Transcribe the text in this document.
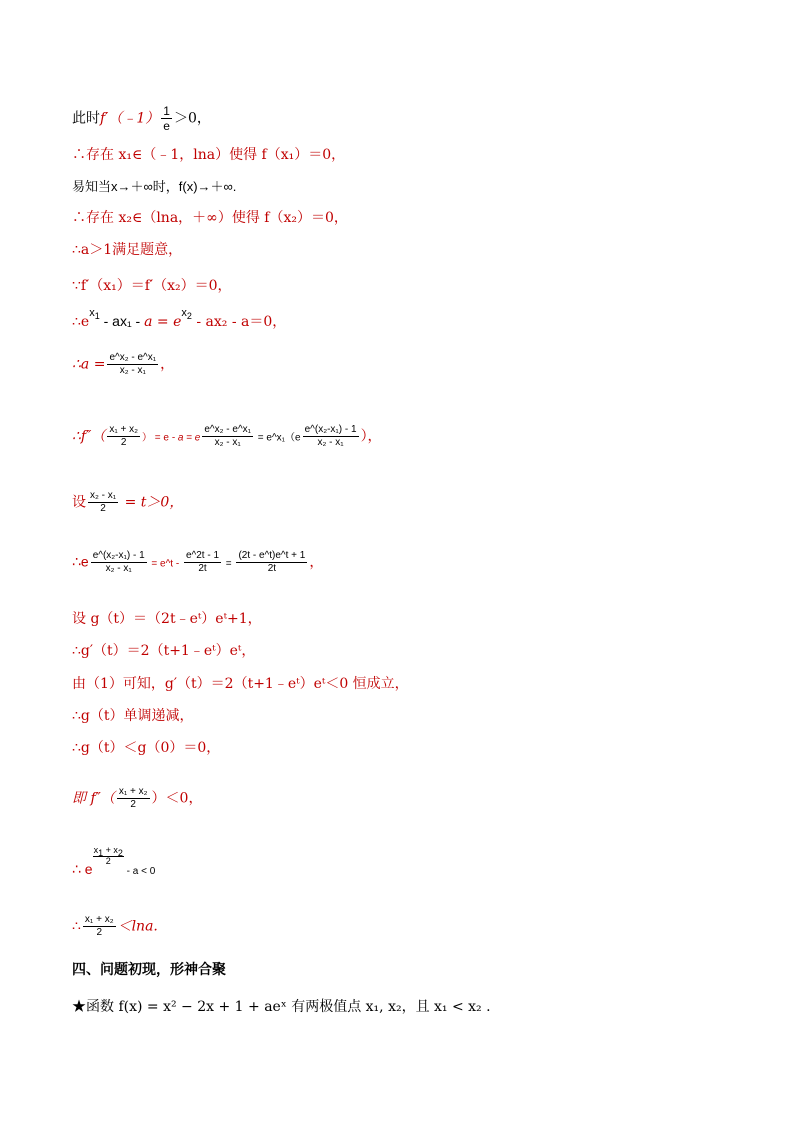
此时f′（﹣1） $\frac{1}{e} >0$，
∴存在 x₁∈（﹣1，lna）使得 f（x₁）＝0，
易知当x→＋∞时，f(x)→＋∞.
∴存在 x₂∈（lna，＋∞）使得 f（x₂）＝0，
∴a＞1满足题意，
∵f′（x₁）＝f′（x₂）＝0，
$\therefore e^{x_1} - ax_1 - a = e^{x_2} - ax_2 - a=0$，
∴a = $\frac{\text{e\textasciicircum{}x₂ - e\textasciicircum{}x₁}}{\text{x₂ - x₁}}$ ，
∴f″（ $\frac{\text{x₁ + x₂}}{2}$ ） = e - a = e $\frac{\text{e\textasciicircum{}x₂ - e\textasciicircum{}x₁}}{\text{x₂ - x₁}}$ = e^x₁（e $\frac{\text{e\textasciicircum{}(x₂-x₁) - 1}}{\text{x₂ - x₁}}$ ），
设 $\frac{\text{x₂ - x₁}}{2} = t>0$，
∴e $\frac{\text{e\textasciicircum{}(x₂-x₁) - 1}}{\text{x₂ - x₁}}$ = e^t - $\frac{e\^{}2t - 1}{2t} = \frac{(2t - e\^{}t)e\^{}t + 1}{2t}$ ，
设 g（t）＝（2t﹣eᵗ）eᵗ+1，
∴g′（t）＝2（t+1﹣eᵗ）eᵗ，
由（1）可知，g′（t）＝2（t+1﹣eᵗ）eᵗ＜0 恒成立，
∴g（t）单调递减，
∴g（t）＜g（0）＝0，
即 $f''( \frac{\text{x₁ + x₂}}{2} )<0$，
∴ e
$\frac{x_1 + x_2}{2}$
- a < 0
∴ $\frac{\text{x₁ + x₂}}{2} <\ln a$.
四、问题初现，形神合聚
★函数 f(x) = x² − 2x + 1 + aeˣ 有两极值点 x₁, x₂，且 x₁ < x₂ .
